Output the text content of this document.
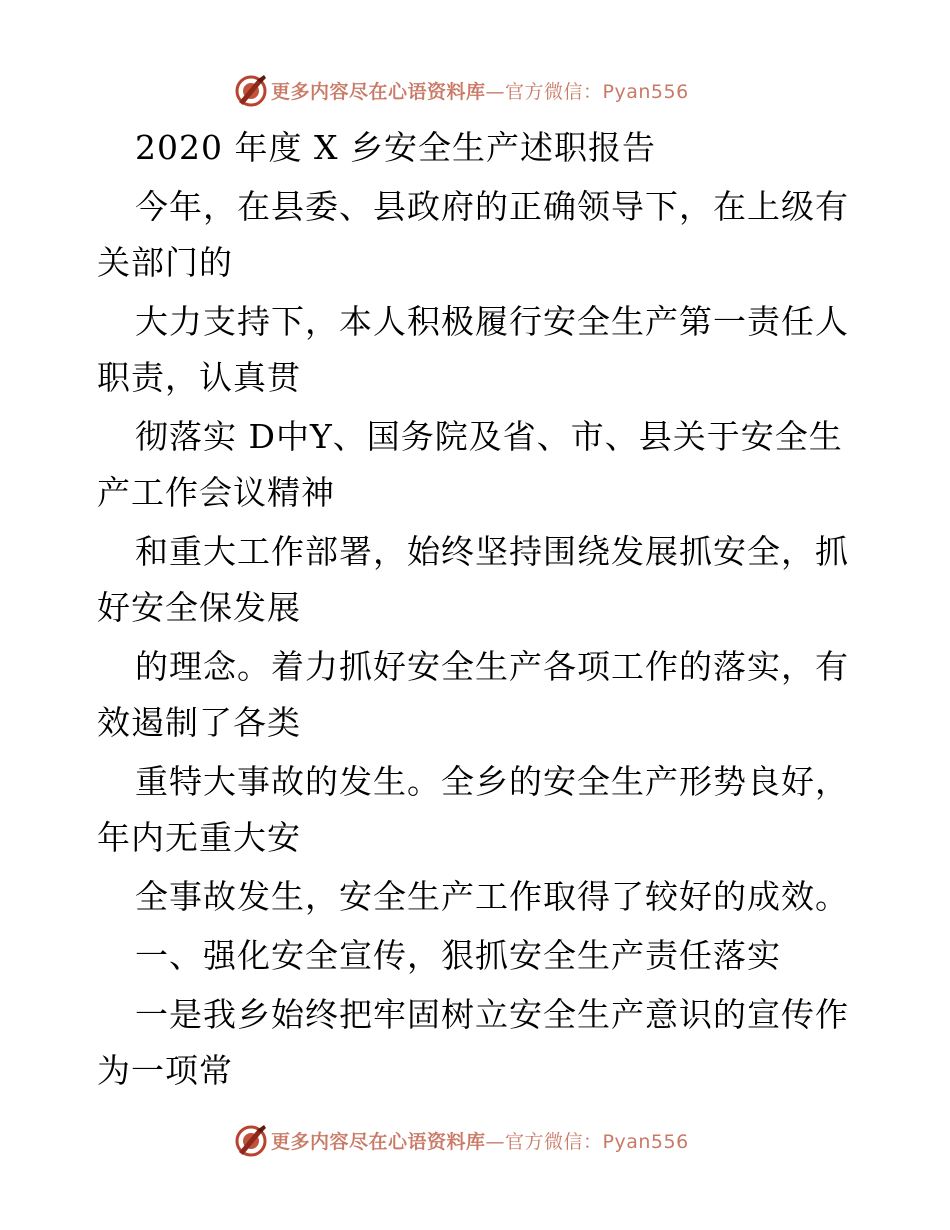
更多内容尽在心语资料库 —官方微信：Pyan556
2020 年度 X 乡安全生产述职报告
今年，在县委、县政府的正确领导下，在上级有
关部门的
大力支持下，本人积极履行安全生产第一责任人
职责，认真贯
彻落实 D中Y、国务院及省、市、县关于安全生
产工作会议精神
和重大工作部署，始终坚持围绕发展抓安全，抓
好安全保发展
的理念。着力抓好安全生产各项工作的落实，有
效遏制了各类
重特大事故的发生。全乡的安全生产形势良好，
年内无重大安
全事故发生，安全生产工作取得了较好的成效。
一、强化安全宣传，狠抓安全生产责任落实
一是我乡始终把牢固树立安全生产意识的宣传作
为一项常
更多内容尽在心语资料库 —官方微信：Pyan556
